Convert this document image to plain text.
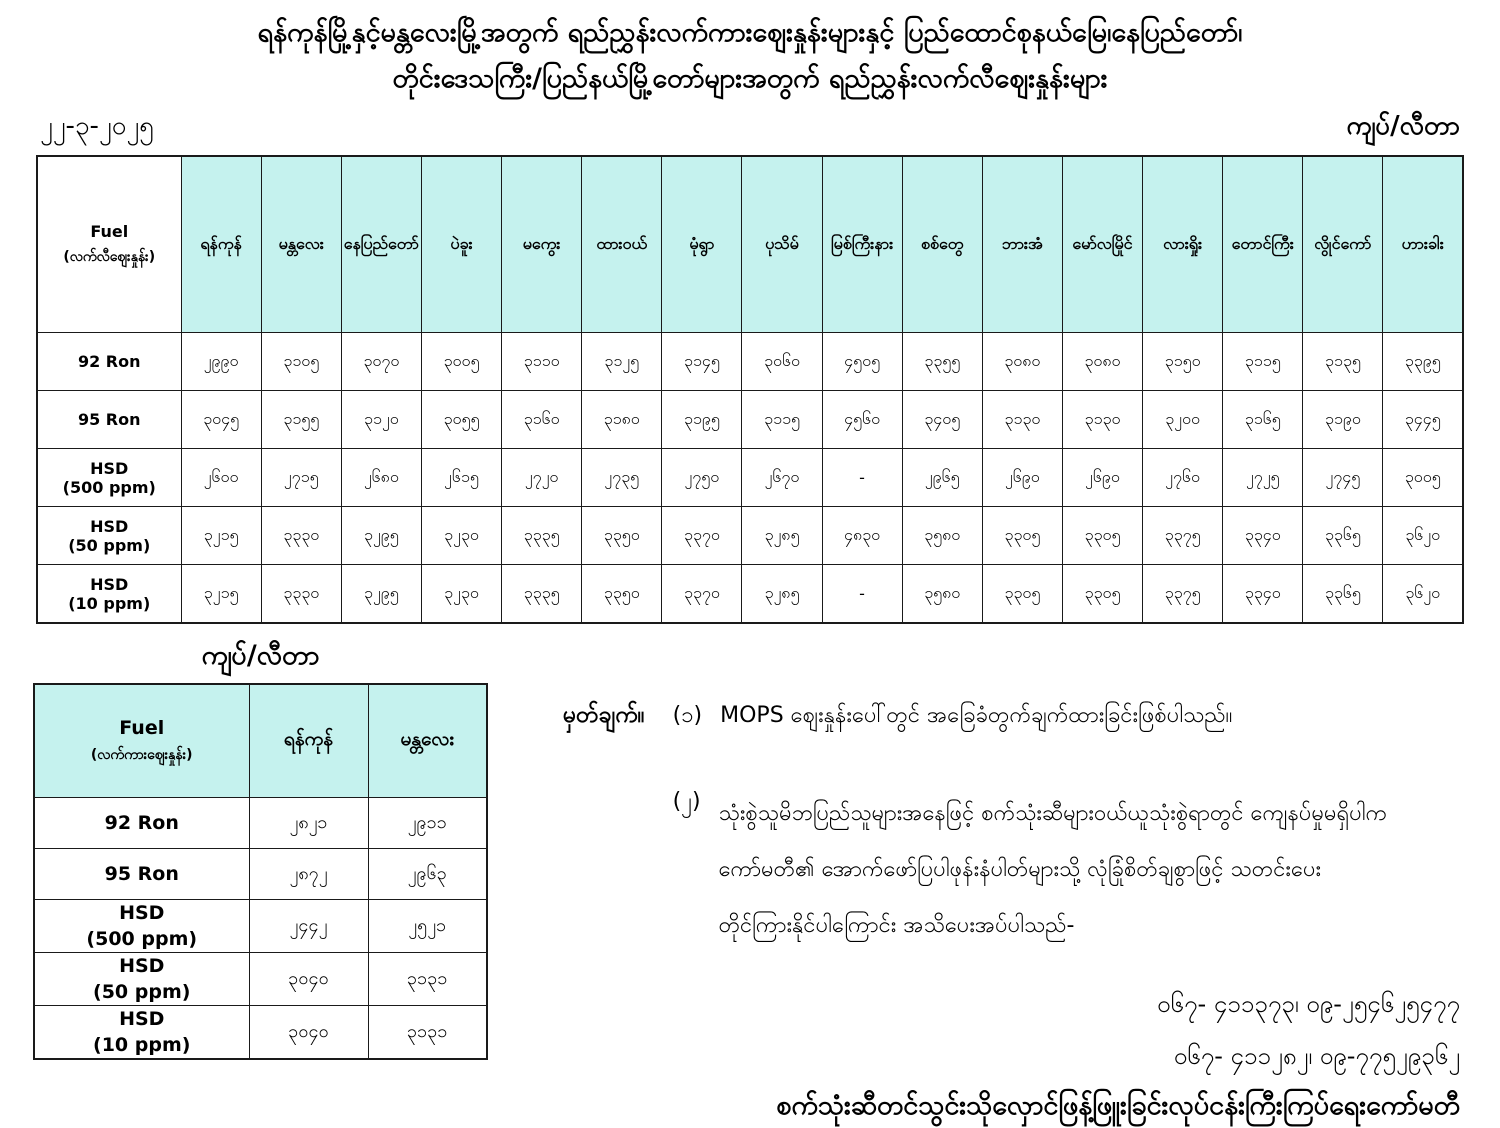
ရန်ကုန်မြို့နှင့်မန္တလေးမြို့အတွက် ရည်ညွှန်းလက်ကားဈေးနှုန်းများနှင့် ပြည်ထောင်စုနယ်မြေ၊နေပြည်တော်၊
တိုင်းဒေသကြီး/ပြည်နယ်မြို့တော်များအတွက် ရည်ညွှန်းလက်လီဈေးနှုန်းများ
၂၂-၃-၂၀၂၅	ကျပ်/လီတာ
Fuel
(လက်လီဈေးနှုန်း)	ရန်ကုန်	မန္တလေး	နေပြည်တော်	ပဲခူး	မကွေး	ထားဝယ်	မုံရွာ	ပုသိမ်	မြစ်ကြီးနား	စစ်တွေ	ဘားအံ	မော်လမြိုင်	လားရှိုး	တောင်ကြီး	လွိုင်ကော်	ဟားခါး

92 Ron	၂၉၉၀	၃၁၀၅	၃၀၇၀	၃၀၀၅	၃၁၁၀	၃၁၂၅	၃၁၄၅	၃၀၆၀	၄၅၀၅	၃၃၅၅	၃၀၈၀	၃၀၈၀	၃၁၅၀	၃၁၁၅	၃၁၃၅	၃၃၉၅

95 Ron	၃၀၄၅	၃၁၅၅	၃၁၂၀	၃၀၅၅	၃၁၆၀	၃၁၈၀	၃၁၉၅	၃၁၁၅	၄၅၆၀	၃၄၀၅	၃၁၃၀	၃၁၃၀	၃၂၀၀	၃၁၆၅	၃၁၉၀	၃၄၄၅

HSD
(500 ppm)	၂၆၀၀	၂၇၁၅	၂၆၈၀	၂၆၁၅	၂၇၂၀	၂၇၃၅	၂၇၅၀	၂၆၇၀	-	၂၉၆၅	၂၆၉၀	၂၆၉၀	၂၇၆၀	၂၇၂၅	၂၇၄၅	၃၀၀၅

HSD
(50 ppm)	၃၂၁၅	၃၃၃၀	၃၂၉၅	၃၂၃၀	၃၃၃၅	၃၃၅၀	၃၃၇၀	၃၂၈၅	၄၈၃၀	၃၅၈၀	၃၃၀၅	၃၃၀၅	၃၃၇၅	၃၃၄၀	၃၃၆၅	၃၆၂၀

HSD
(10 ppm)	၃၂၁၅	၃၃၃၀	၃၂၉၅	၃၂၃၀	၃၃၃၅	၃၃၅၀	၃၃၇၀	၃၂၈၅	-	၃၅၈၀	၃၃၀၅	၃၃၀၅	၃၃၇၅	၃၃၄၀	၃၃၆၅	၃၆၂၀
ကျပ်/လီတာ
Fuel
(လက်ကားဈေးနှုန်း)	ရန်ကုန်	မန္တလေး

92 Ron	၂၈၂၁	၂၉၁၁

95 Ron	၂၈၇၂	၂၉၆၃

HSD
(500 ppm)	၂၄၄၂	၂၅၂၁

HSD
(50 ppm)	၃၀၄၀	၃၁၃၁

HSD
(10 ppm)	၃၀၄၀	၃၁၃၁
မှတ်ချက်။ (၁) MOPS ဈေးနှုန်းပေါ်တွင် အခြေခံတွက်ချက်ထားခြင်းဖြစ်ပါသည်။
(၂) သုံးစွဲသူမိဘပြည်သူများအနေဖြင့် စက်သုံးဆီများဝယ်ယူသုံးစွဲရာတွင် ကျေနပ်မှုမရှိပါက
ကော်မတီ၏ အောက်ဖော်ပြပါဖုန်းနံပါတ်များသို့ လုံခြုံစိတ်ချစွာဖြင့် သတင်းပေး
တိုင်ကြားနိုင်ပါကြောင်း အသိပေးအပ်ပါသည်-
၀၆၇- ၄၁၁၃၇၃၊ ၀၉-၂၅၄၆၂၅၄၇၇
၀၆၇- ၄၁၁၂၈၂၊ ၀၉-၇၇၅၂၉၃၆၂
စက်သုံးဆီတင်သွင်းသိုလှောင်ဖြန့်ဖြူးခြင်းလုပ်ငန်းကြီးကြပ်ရေးကော်မတီ
